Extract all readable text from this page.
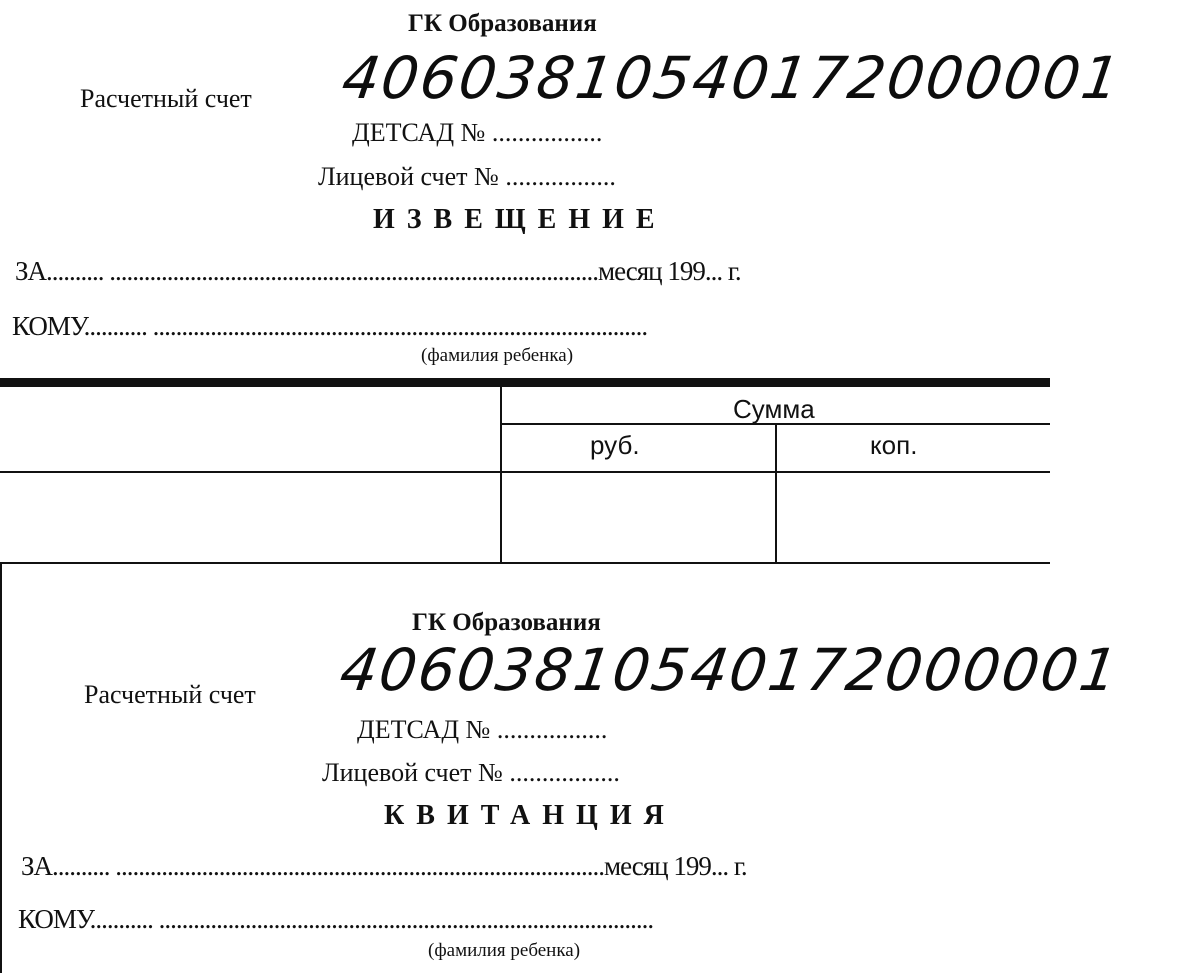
ГК Образования
Расчетный счет 40603810540172000001
ДЕТСАД № .................
Лицевой счет № .................
ИЗВЕЩЕНИЕ
ЗА.......... .....................................................................................месяц 199... г.
КОМУ........... ......................................................................................
(фамилия ребенка)
Сумма
руб.	коп.
ГК Образования
Расчетный счет 40603810540172000001
ДЕТСАД № .................
Лицевой счет № .................
КВИТАНЦИЯ
ЗА.......... .....................................................................................месяц 199... г.
КОМУ........... ......................................................................................
(фамилия ребенка)
